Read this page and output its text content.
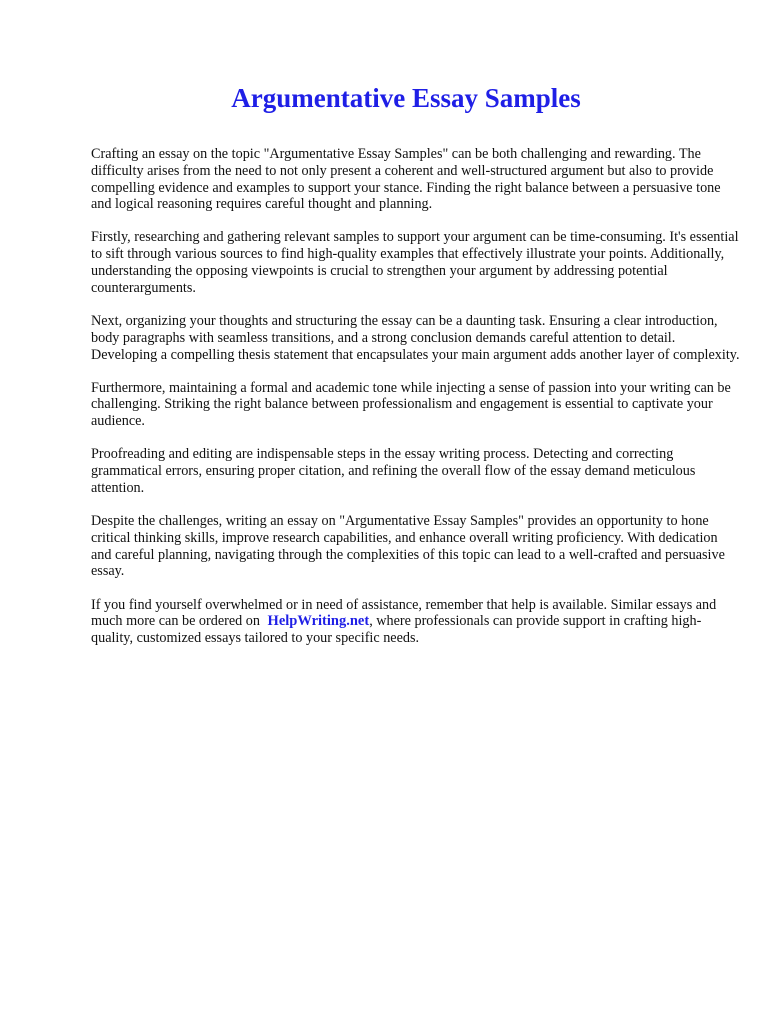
Argumentative Essay Samples

Crafting an essay on the topic "Argumentative Essay Samples" can be both challenging and rewarding. The difficulty arises from the need to not only present a coherent and well-structured argument but also to provide compelling evidence and examples to support your stance. Finding the right balance between a persuasive tone and logical reasoning requires careful thought and planning.

Firstly, researching and gathering relevant samples to support your argument can be time-consuming. It's essential to sift through various sources to find high-quality examples that effectively illustrate your points. Additionally, understanding the opposing viewpoints is crucial to strengthen your argument by addressing potential counterarguments.

Next, organizing your thoughts and structuring the essay can be a daunting task. Ensuring a clear introduction, body paragraphs with seamless transitions, and a strong conclusion demands careful attention to detail. Developing a compelling thesis statement that encapsulates your main argument adds another layer of complexity.

Furthermore, maintaining a formal and academic tone while injecting a sense of passion into your writing can be challenging. Striking the right balance between professionalism and engagement is essential to captivate your audience.

Proofreading and editing are indispensable steps in the essay writing process. Detecting and correcting grammatical errors, ensuring proper citation, and refining the overall flow of the essay demand meticulous attention.

Despite the challenges, writing an essay on "Argumentative Essay Samples" provides an opportunity to hone critical thinking skills, improve research capabilities, and enhance overall writing proficiency. With dedication and careful planning, navigating through the complexities of this topic can lead to a well-crafted and persuasive essay.

If you find yourself overwhelmed or in need of assistance, remember that help is available. Similar essays and much more can be ordered on HelpWriting.net, where professionals can provide support in crafting high-quality, customized essays tailored to your specific needs.
